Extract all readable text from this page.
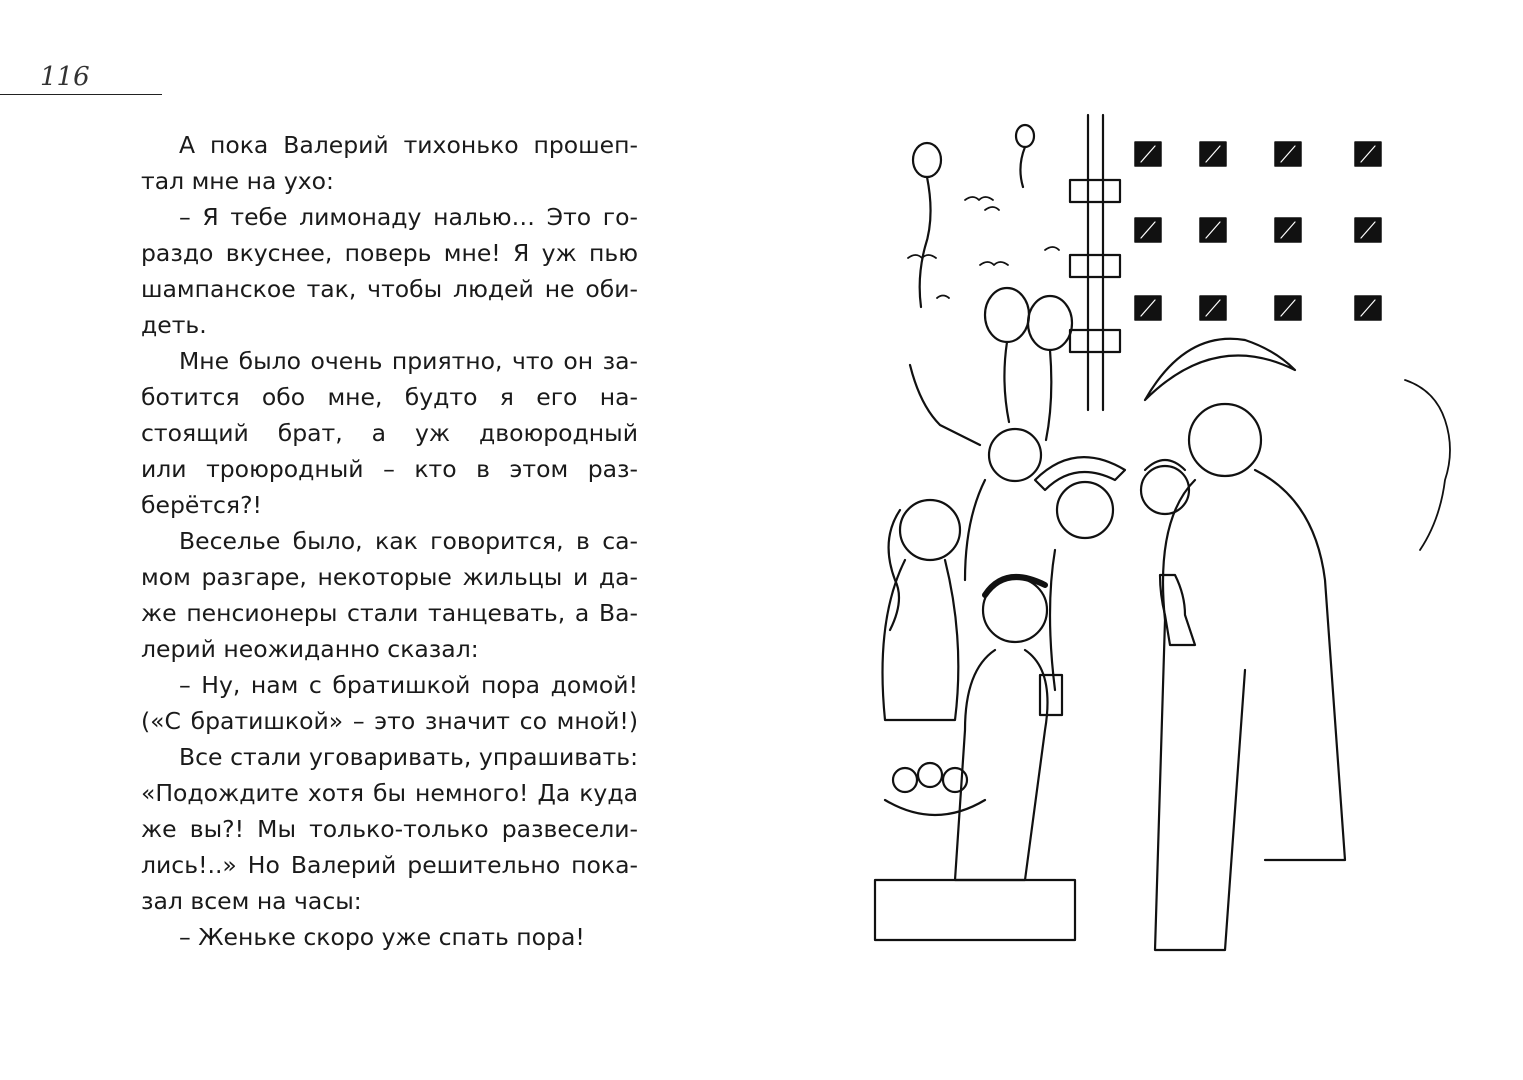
116
А пока Валерий тихонько прошеп-
тал мне на ухо:
– Я тебе лимонаду налью… Это го-
раздо вкуснее, поверь мне! Я уж пью
шампанское так, чтобы людей не оби-
деть.
Мне было очень приятно, что он за-
ботится обо мне, будто я его на-
стоящий брат, а уж двоюродный
или троюродный – кто в этом раз-
берётся?!
Веселье было, как говорится, в са-
мом разгаре, некоторые жильцы и да-
же пенсионеры стали танцевать, а Ва-
лерий неожиданно сказал:
– Ну, нам с братишкой пора домой!
(«С братишкой» – это значит со мной!)
Все стали уговаривать, упрашивать:
«Подождите хотя бы немного! Да куда
же вы?! Мы только-только развесели-
лись!..» Но Валерий решительно пока-
зал всем на часы:
– Женьке скоро уже спать пора!
